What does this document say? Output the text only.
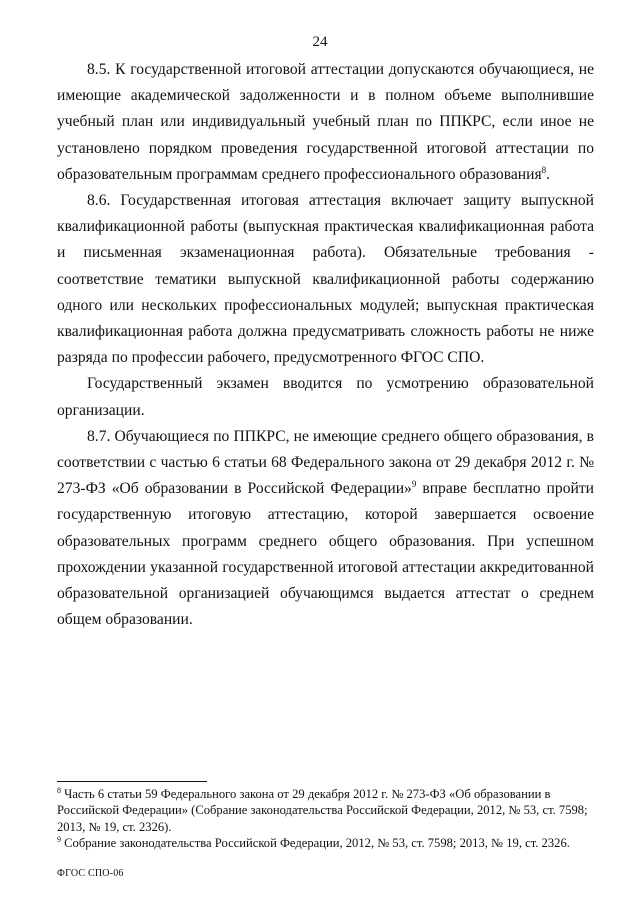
24

8.5. К государственной итоговой аттестации допускаются обучающиеся, не имеющие академической задолженности и в полном объеме выполнившие учебный план или индивидуальный учебный план по ППКРС, если иное не установлено порядком проведения государственной итоговой аттестации по образовательным программам среднего профессионального образования$^8$.

8.6. Государственная итоговая аттестация включает защиту выпускной квалификационной работы (выпускная практическая квалификационная работа и письменная экзаменационная работа). Обязательные требования - соответствие тематики выпускной квалификационной работы содержанию одного или нескольких профессиональных модулей; выпускная практическая квалификационная работа должна предусматривать сложность работы не ниже разряда по профессии рабочего, предусмотренного ФГОС СПО.

Государственный экзамен вводится по усмотрению образовательной организации.

8.7. Обучающиеся по ППКРС, не имеющие среднего общего образования, в соответствии с частью 6 статьи 68 Федерального закона от 29 декабря 2012 г. № 273-ФЗ «Об образовании в Российской Федерации»$^9$ вправе бесплатно пройти государственную итоговую аттестацию, которой завершается освоение образовательных программ среднего общего образования. При успешном прохождении указанной государственной итоговой аттестации аккредитованной образовательной организацией обучающимся выдается аттестат о среднем общем образовании.

$^8$ Часть 6 статьи 59 Федерального закона от 29 декабря 2012 г. № 273-ФЗ «Об образовании в Российской Федерации» (Собрание законодательства Российской Федерации, 2012, № 53, ст. 7598; 2013, № 19, ст. 2326).

$^9$ Собрание законодательства Российской Федерации, 2012, № 53, ст. 7598; 2013, № 19, ст. 2326.

ФГОС СПО-06
